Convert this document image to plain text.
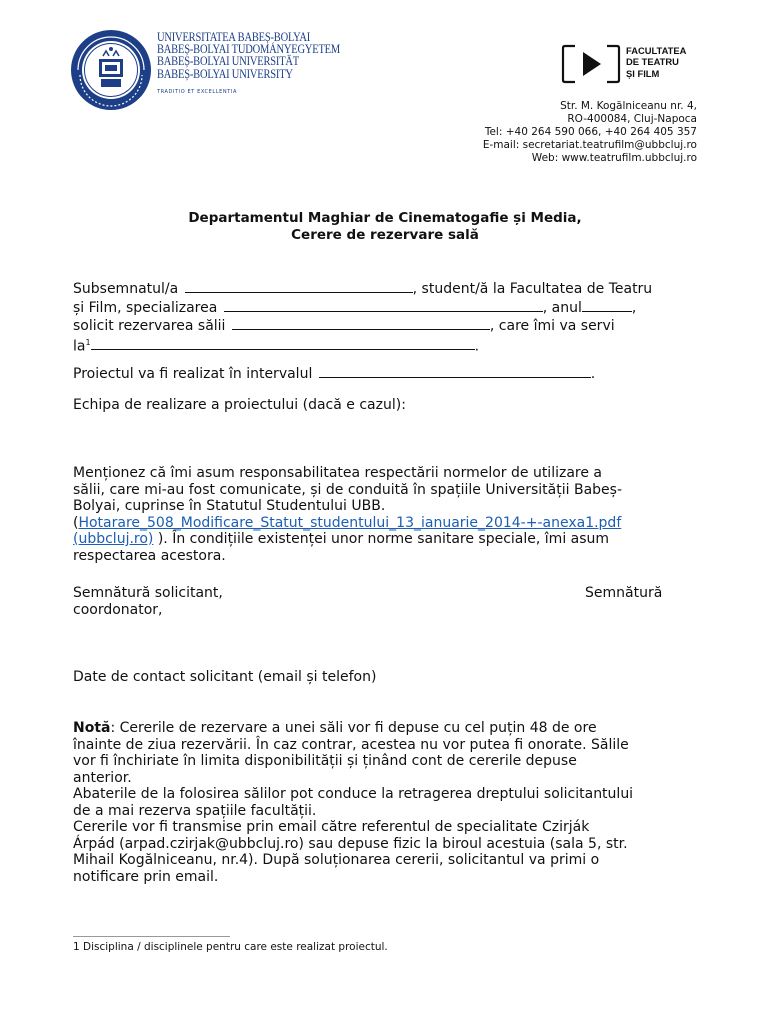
UNIVERSITATEA BABEȘ-BOLYAI
BABEȘ-BOLYAI TUDOMÁNYEGYETEM
BABEȘ-BOLYAI UNIVERSITÄT
BABEȘ-BOLYAI UNIVERSITY
TRADITIO ET EXCELLENTIA
FACULTATEA
DE TEATRU
ȘI FILM
Str. M. Kogălniceanu nr. 4,
RO-400084, Cluj-Napoca
Tel: +40 264 590 066, +40 264 405 357
E-mail: secretariat.teatrufilm@ubbcluj.ro
Web: www.teatrufilm.ubbcluj.ro
Departamentul Maghiar de Cinematogafie și Media,
Cerere de rezervare sală
Subsemnatul/a	, student/ă la Facultatea de Teatru
și Film, specializarea	, anul	,
solicit rezervarea sălii	, care îmi va servi
$la^1$	.
Proiectul va fi realizat în intervalul	.
Echipa de realizare a proiectului (dacă e cazul):
Menționez că îmi asum responsabilitatea respectării normelor de utilizare a
sălii, care mi-au fost comunicate, și de conduită în spațiile Universității Babeș-
Bolyai, cuprinse în Statutul Studentului UBB.
(Hotarare_508_Modificare_Statut_studentului_13_ianuarie_2014-+-anexa1.pdf
(ubbcluj.ro) ). În condițiile existenței unor norme sanitare speciale, îmi asum
respectarea acestora.
Semnătură solicitant,
coordonator,
Semnătură
Date de contact solicitant (email și telefon)
Notă: Cererile de rezervare a unei săli vor fi depuse cu cel puțin 48 de ore
înainte de ziua rezervării. În caz contrar, acestea nu vor putea fi onorate. Sălile
vor fi închiriate în limita disponibilității și ținând cont de cererile depuse
anterior.
Abaterile de la folosirea sălilor pot conduce la retragerea dreptului solicitantului
de a mai rezerva spațiile facultății.
Cererile vor fi transmise prin email către referentul de specialitate Czirják
Árpád (arpad.czirjak@ubbcluj.ro) sau depuse fizic la biroul acestuia (sala 5, str.
Mihail Kogălniceanu, nr.4). După soluționarea cererii, solicitantul va primi o
notificare prin email.
1 Disciplina / disciplinele pentru care este realizat proiectul.
